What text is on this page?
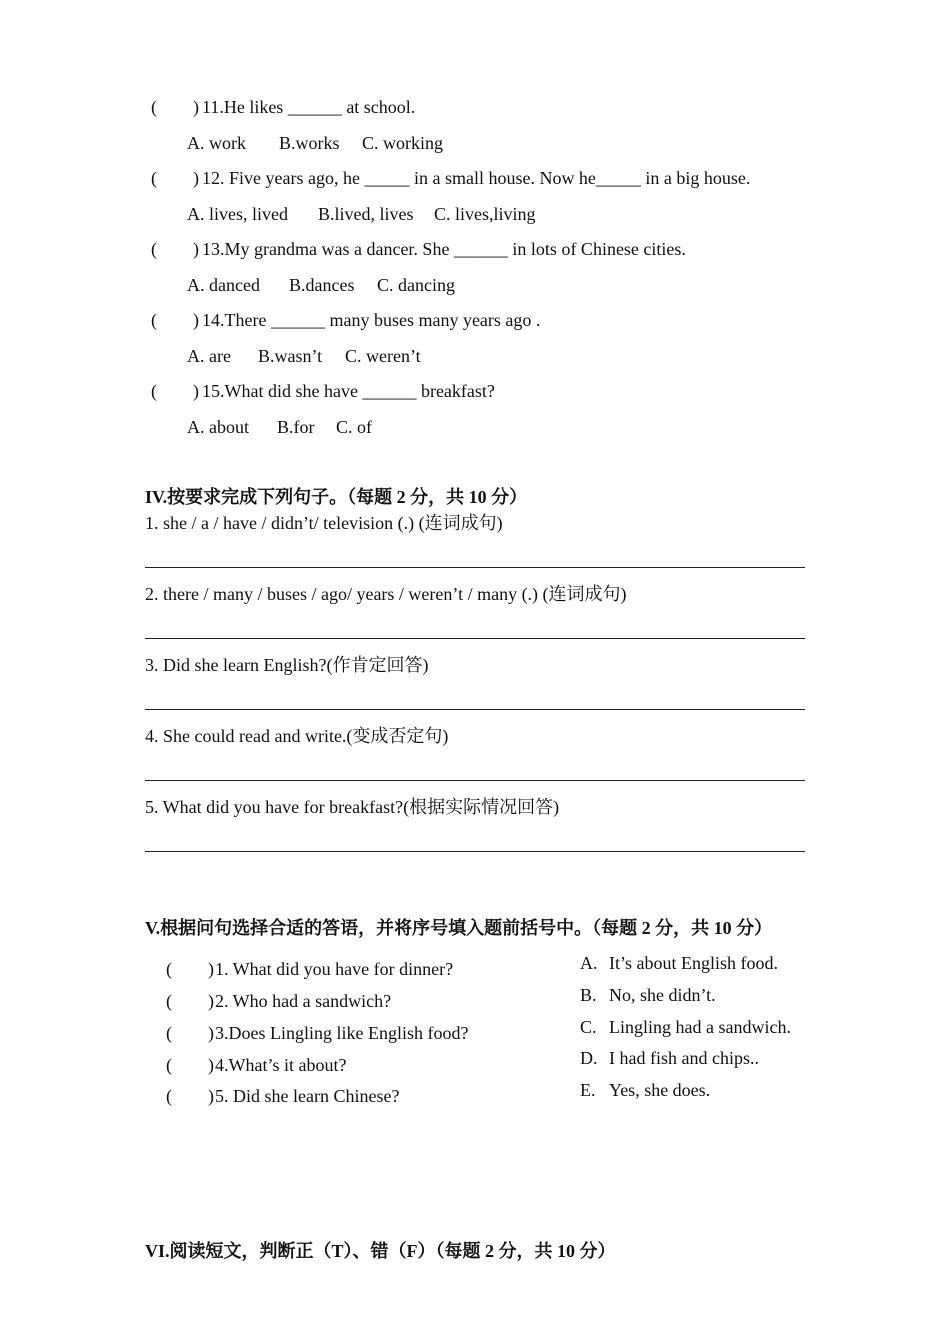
(　　) 11.He likes ______ at school.
A. work B.works C. working
(　　) 12. Five years ago, he _____ in a small house. Now he_____ in a big house.
A. lives, lived B.lived, lives C. lives,living
(　　) 13.My grandma was a dancer. She ______ in lots of Chinese cities.
A. danced B.dances C. dancing
(　　) 14.There ______ many buses many years ago .
A. are B.wasn’t C. weren’t
(　　) 15.What did she have ______ breakfast?
A. about B.for C. of
IV.按要求完成下列句子。（每题 2 分，共 10 分）
1. she / a / have / didn’t/ television (.) (连词成句)
2. there / many / buses / ago/ years / weren’t / many (.) (连词成句)
3. Did she learn English?(作肯定回答)
4. She could read and write.(变成否定句)
5. What did you have for breakfast?(根据实际情况回答)
V.根据问句选择合适的答语，并将序号填入题前括号中。（每题 2 分，共 10 分）
(　　) 1. What did you have for dinner?
(　　) 2. Who had a sandwich?
(　　) 3.Does Lingling like English food?
(　　) 4.What’s it about?
(　　) 5. Did she learn Chinese?
A. It’s about English food.
B. No, she didn’t.
C. Lingling had a sandwich.
D. I had fish and chips..
E. Yes, she does.
VI.阅读短文，判断正（T）、错（F）（每题 2 分，共 10 分）
